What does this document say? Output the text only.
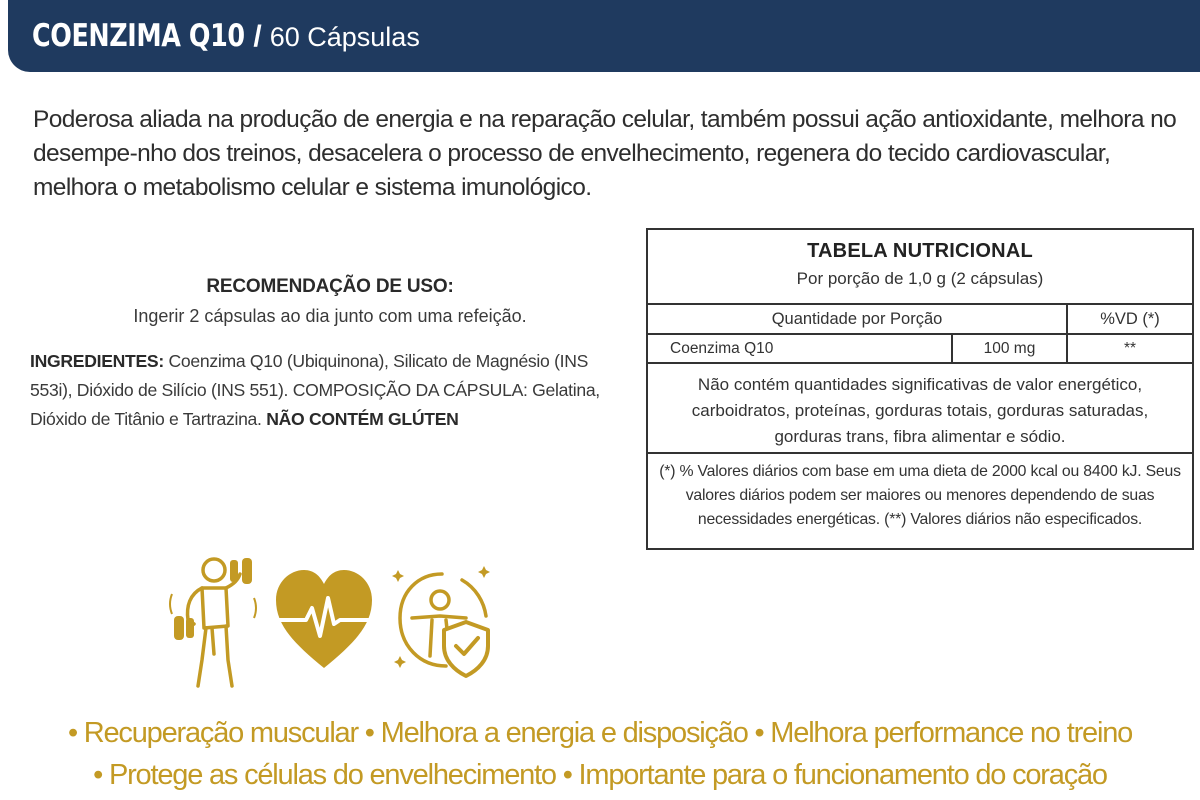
COENZIMA Q10 / 60 Cápsulas

Poderosa aliada na produção de energia e na reparação celular, também possui ação antioxidante, melhora no desempe-nho dos treinos, desacelera o processo de envelhecimento, regenera do tecido cardiovascular, melhora o metabolismo celular e sistema imunológico.

RECOMENDAÇÃO DE USO:
Ingerir 2 cápsulas ao dia junto com uma refeição.

INGREDIENTES: Coenzima Q10 (Ubiquinona), Silicato de Magnésio (INS 553i), Dióxido de Silício (INS 551). COMPOSIÇÃO DA CÁPSULA: Gelatina, Dióxido de Titânio e Tartrazina. NÃO CONTÉM GLÚTEN

TABELA NUTRICIONAL
Por porção de 1,0 g (2 cápsulas)
Quantidade por Porção	%VD (*)
Coenzima Q10	100 mg	**
Não contém quantidades significativas de valor energético, carboidratos, proteínas, gorduras totais, gorduras saturadas, gorduras trans, fibra alimentar e sódio.
(*) % Valores diários com base em uma dieta de 2000 kcal ou 8400 kJ. Seus valores diários podem ser maiores ou menores dependendo de suas necessidades energéticas. (**) Valores diários não especificados.
• Recuperação muscular • Melhora a energia e disposição • Melhora performance no treino
• Protege as células do envelhecimento • Importante para o funcionamento do coração
